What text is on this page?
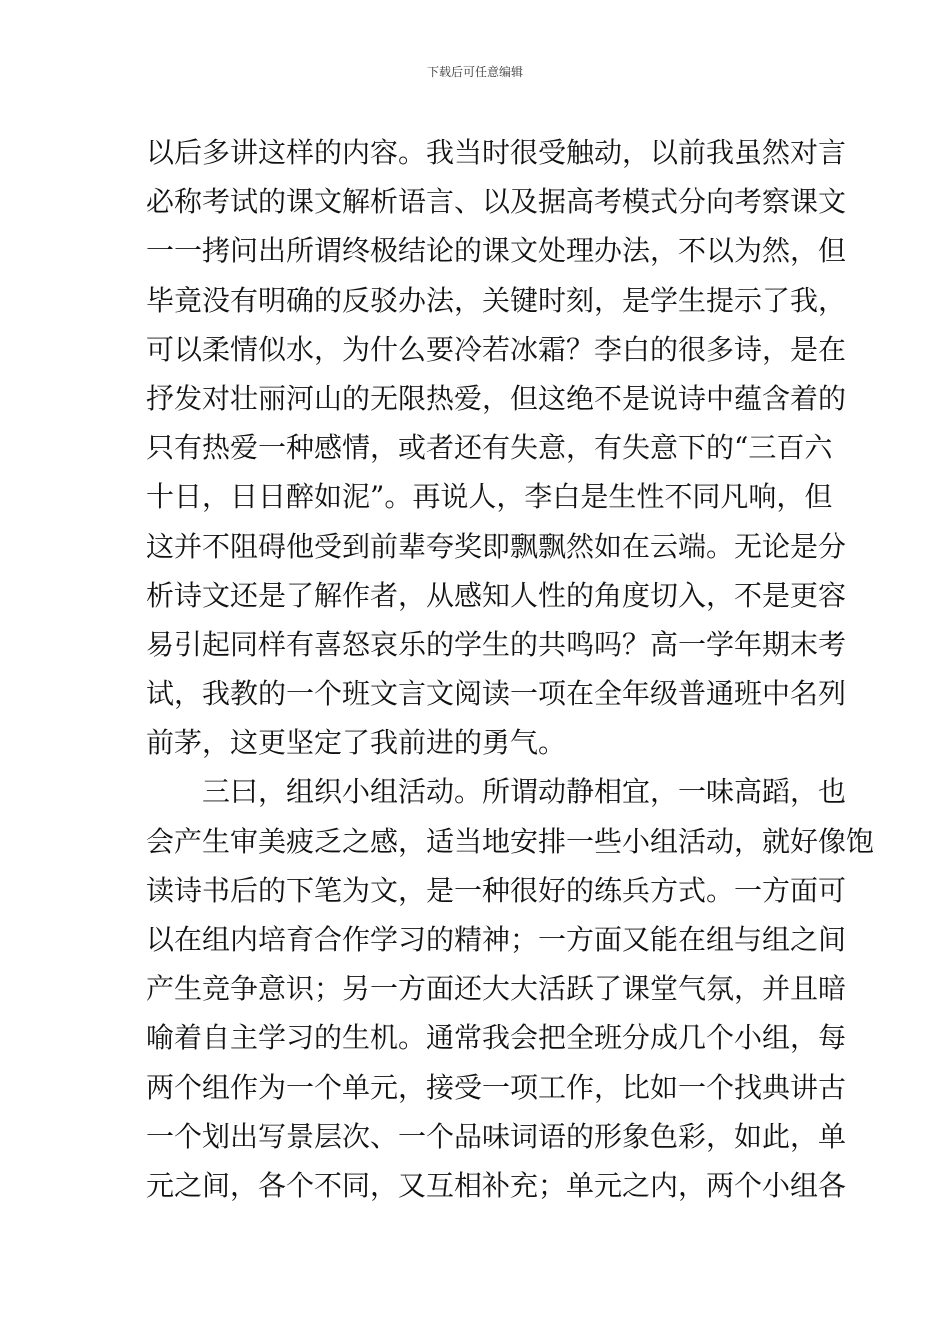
下载后可任意编辑
以后多讲这样的内容。我当时很受触动，以前我虽然对言
必称考试的课文解析语言、以及据高考模式分向考察课文
一一拷问出所谓终极结论的课文处理办法，不以为然，但
毕竟没有明确的反驳办法，关键时刻，是学生提示了我，
可以柔情似水，为什么要冷若冰霜？李白的很多诗，是在
抒发对壮丽河山的无限热爱，但这绝不是说诗中蕴含着的
只有热爱一种感情，或者还有失意，有失意下的“三百六
十日，日日醉如泥”。再说人，李白是生性不同凡响，但
这并不阻碍他受到前辈夸奖即飘飘然如在云端。无论是分
析诗文还是了解作者，从感知人性的角度切入，不是更容
易引起同样有喜怒哀乐的学生的共鸣吗？高一学年期末考
试，我教的一个班文言文阅读一项在全年级普通班中名列
前茅，这更坚定了我前进的勇气。
三曰，组织小组活动。所谓动静相宜，一味高蹈，也
会产生审美疲乏之感，适当地安排一些小组活动，就好像饱
读诗书后的下笔为文，是一种很好的练兵方式。一方面可
以在组内培育合作学习的精神；一方面又能在组与组之间
产生竞争意识；另一方面还大大活跃了课堂气氛，并且暗
喻着自主学习的生机。通常我会把全班分成几个小组，每
两个组作为一个单元，接受一项工作，比如一个找典讲古
一个划出写景层次、一个品味词语的形象色彩，如此，单
元之间，各个不同，又互相补充；单元之内，两个小组各
